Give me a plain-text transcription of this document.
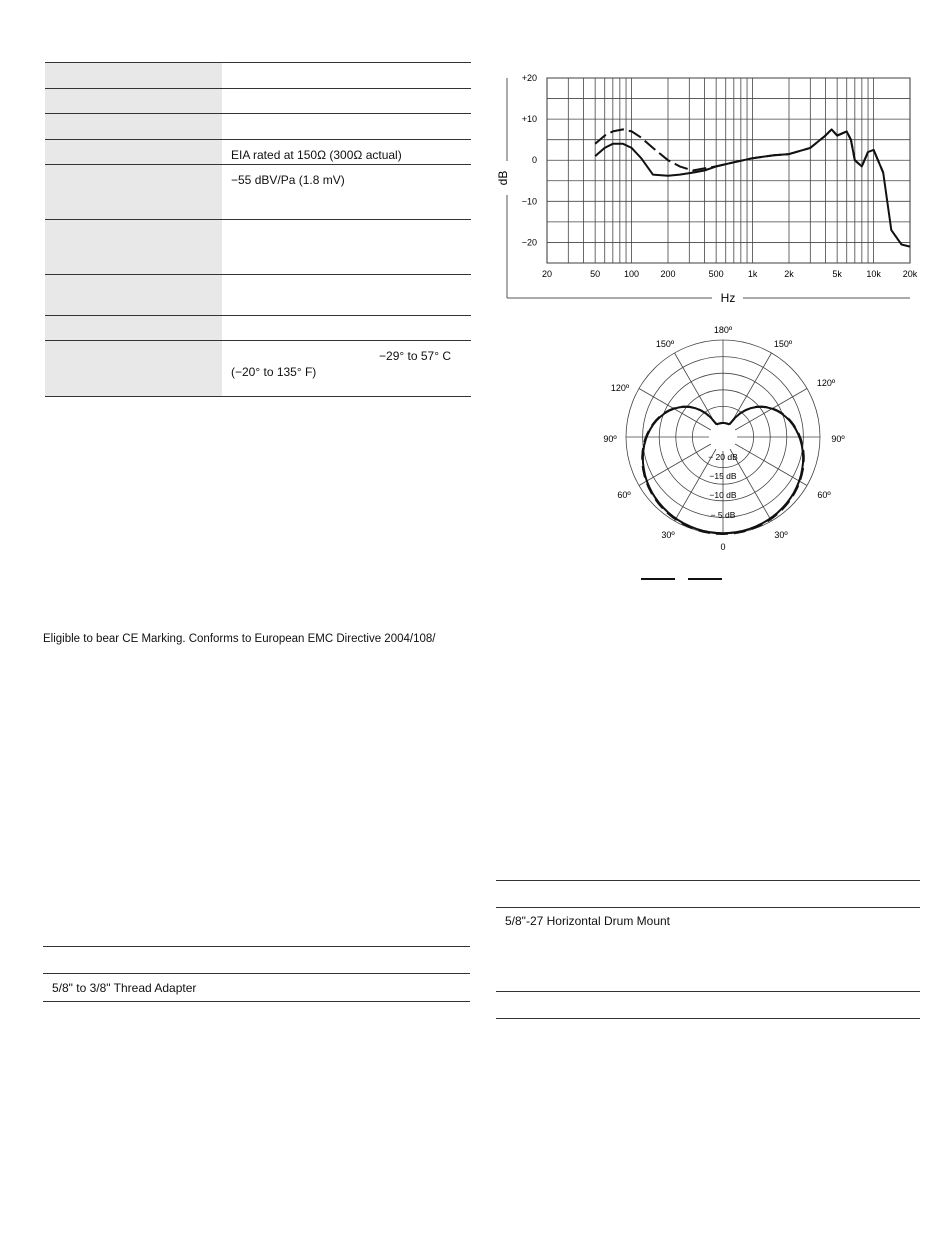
EIA rated at 150Ω (300Ω actual)
−55 dBV/Pa (1.8 mV)
−29° to 57° C
(−20° to 135° F)
Eligible to bear CE Marking. Conforms to European EMC Directive 2004/108/
5/8" to 3/8" Thread Adapter
5/8"-27 Horizontal Drum Mount
+20
+10
0
−10
−20
20	50	100 200	500	1k	2k	5k	10k 20k
dB
Hz
180º
150º	150º
120º	120º
90º	90º
60º	60º
30º	30º
0
− 20 dB
−15 dB
−10 dB
− 5 dB
